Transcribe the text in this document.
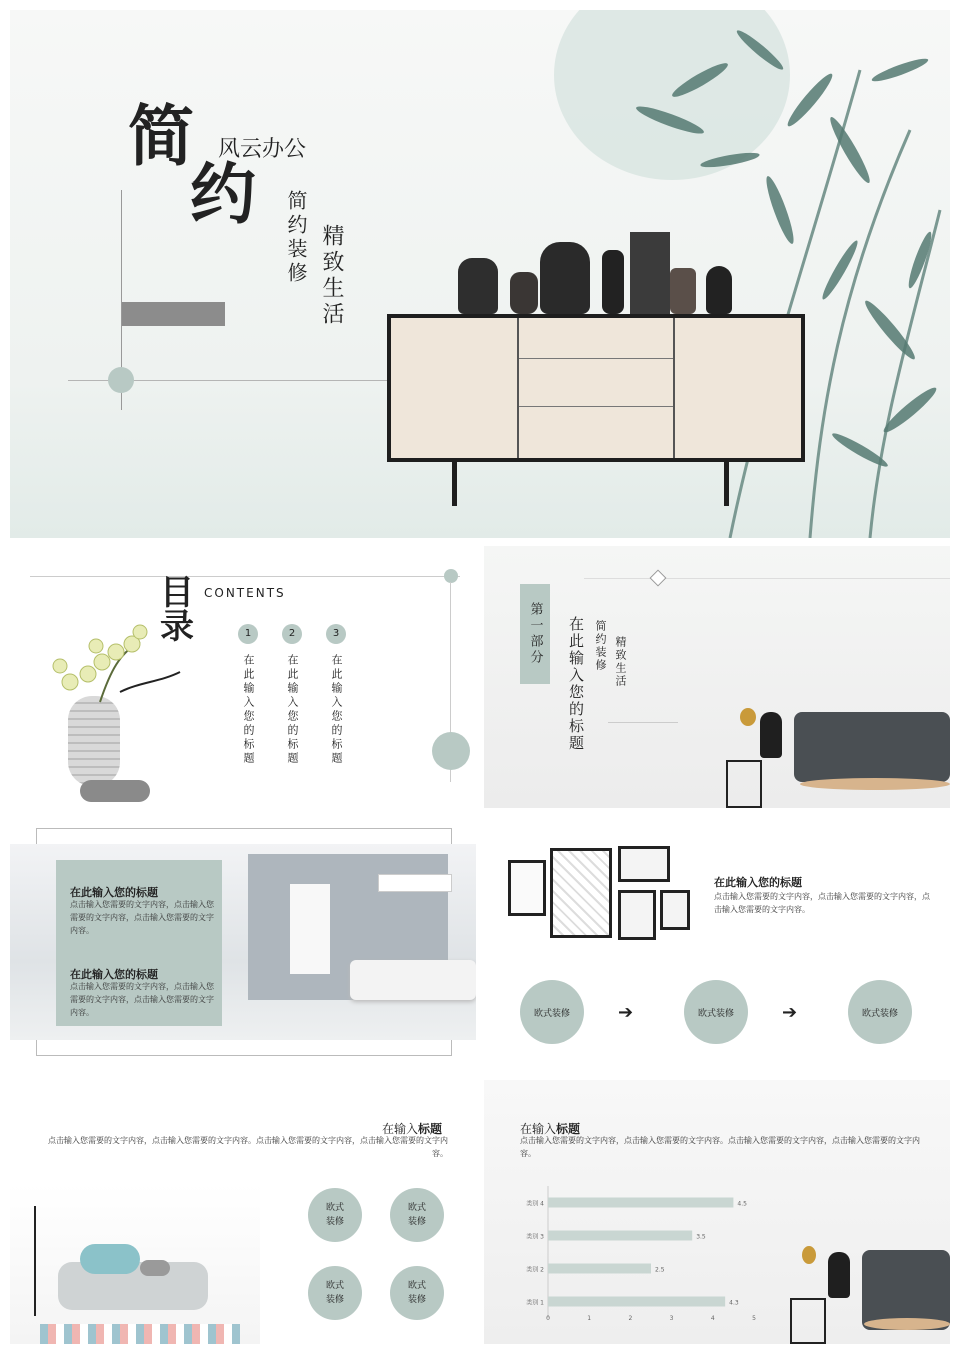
简
约
风云办公
简约装修 精致生活
目录
CONTENTS
1	2	3
在此输入您的标题	在此输入您的标题	在此输入您的标题
第一部分	在此输入您的标题 简约装修 精致生活
在此输入您的标题
点击输入您需要的文字内容，点击输入您需要的文字内容，点击输入您需要的文字内容。
在此输入您的标题
点击输入您需要的文字内容，点击输入您需要的文字内容，点击输入您需要的文字内容。
在此输入您的标题
点击输入您需要的文字内容，点击输入您需要的文字内容，点击输入您需要的文字内容。
欧式装修	➔	欧式装修	➔	欧式装修
在输入标题
点击输入您需要的文字内容，点击输入您需要的文字内容。点击输入您需要的文字内容，点击输入您需要的文字内容。
欧式装修
欧式装修
欧式装修
欧式装修
在输入标题
点击输入您需要的文字内容，点击输入您需要的文字内容。点击输入您需要的文字内容，点击输入您需要的文字内容。
类别 4	4.5
类别 3	3.5
类别 2	2.5
类别 1	4.3
0	1	2	3	4	5
